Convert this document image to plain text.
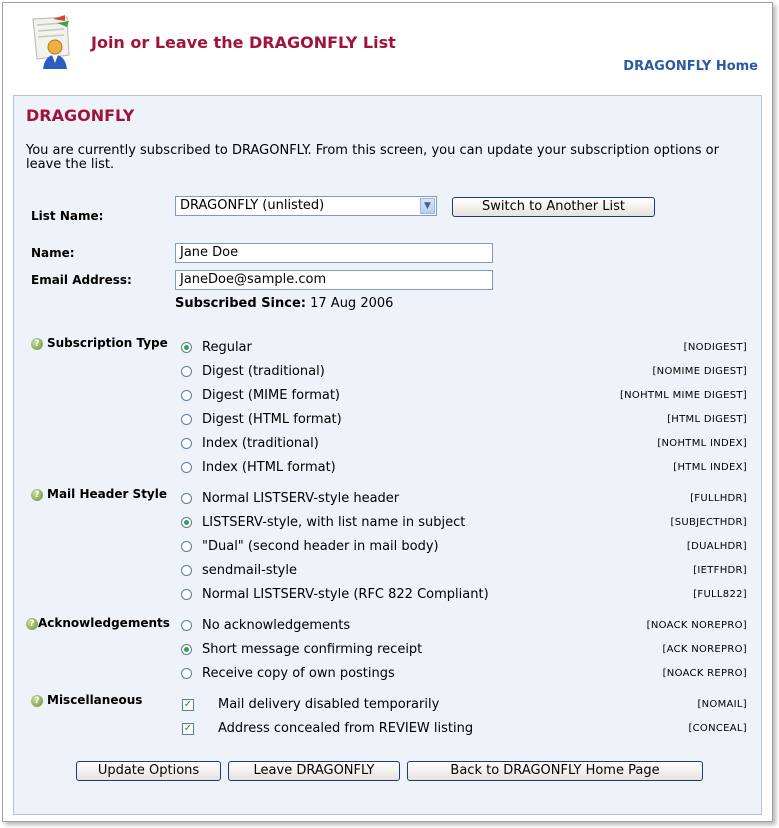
Join or Leave the DRAGONFLY List
DRAGONFLY Home
DRAGONFLY
You are currently subscribed to DRAGONFLY. From this screen, you can update your subscription options or leave the list.
List Name:
DRAGONFLY (unlisted)	▼	Switch to Another List
Name:	Jane Doe
Email Address:	JaneDoe@sample.com
Subscribed Since: 17 Aug 2006
? Subscription Type	Regular	[NODIGEST]
Digest (traditional)	[NOMIME DIGEST]
Digest (MIME format)	[NOHTML MIME DIGEST]
Digest (HTML format)	[HTML DIGEST]
Index (traditional)	[NOHTML INDEX]
Index (HTML format)	[HTML INDEX]
? Mail Header Style	Normal LISTSERV-style header	[FULLHDR]
LISTSERV-style, with list name in subject	[SUBJECTHDR]
"Dual" (second header in mail body)	[DUALHDR]
sendmail-style	[IETFHDR]
Normal LISTSERV-style (RFC 822 Compliant)	[FULL822]
? Acknowledgements No acknowledgements	[NOACK NOREPRO]
Short message confirming receipt	[ACK NOREPRO]
Receive copy of own postings	[NOACK REPRO]
? Miscellaneous	✓ Mail delivery disabled temporarily	[NOMAIL]
✓ Address concealed from REVIEW listing	[CONCEAL]
Update Options	Leave DRAGONFLY	Back to DRAGONFLY Home Page
